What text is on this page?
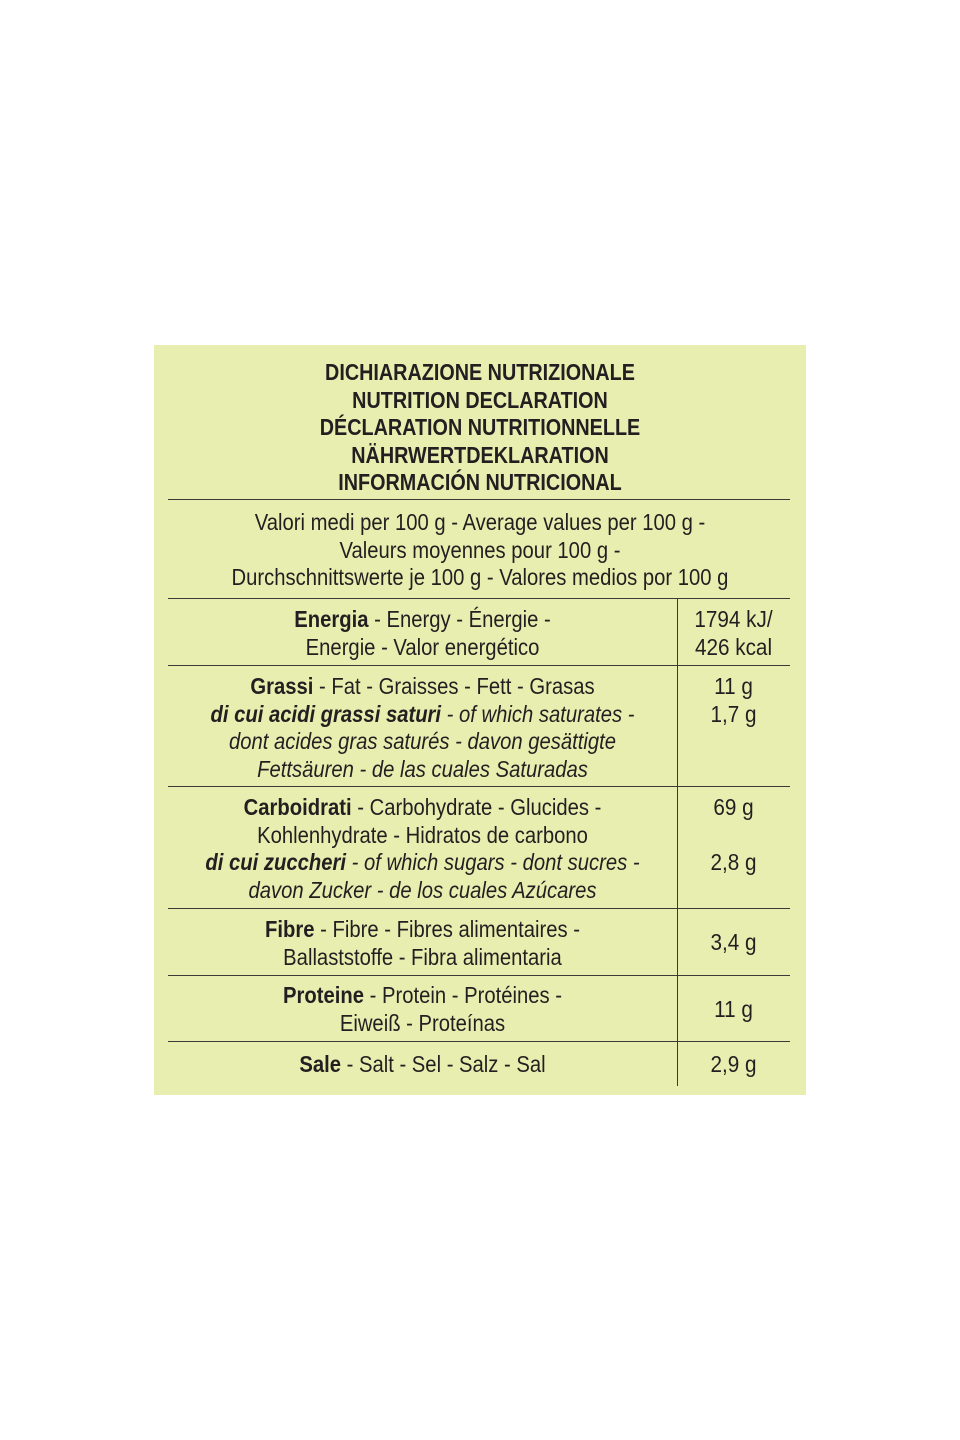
DICHIARAZIONE NUTRIZIONALE
NUTRITION DECLARATION
DÉCLARATION NUTRITIONNELLE
NÄHRWERTDEKLARATION
INFORMACIÓN NUTRICIONAL
Valori medi per 100 g - Average values per 100 g -
Valeurs moyennes pour 100 g -
Durchschnittswerte je 100 g - Valores medios por 100 g
Energia - Energy - Énergie -
Energie - Valor energético
1794 kJ/
426 kcal
Grassi - Fat - Graisses - Fett - Grasas
di cui acidi grassi saturi - of which saturates -
dont acides gras saturés - davon gesättigte
Fettsäuren - de las cuales Saturadas
11 g
1,7 g
Carboidrati - Carbohydrate - Glucides -
Kohlenhydrate - Hidratos de carbono
di cui zuccheri - of which sugars - dont sucres -
davon Zucker - de los cuales Azúcares
69 g

2,8 g
Fibre - Fibre - Fibres alimentaires -
Ballaststoffe - Fibra alimentaria
3,4 g
Proteine - Protein - Protéines -
Eiweiß - Proteínas
11 g
Sale - Salt - Sel - Salz - Sal	2,9 g
